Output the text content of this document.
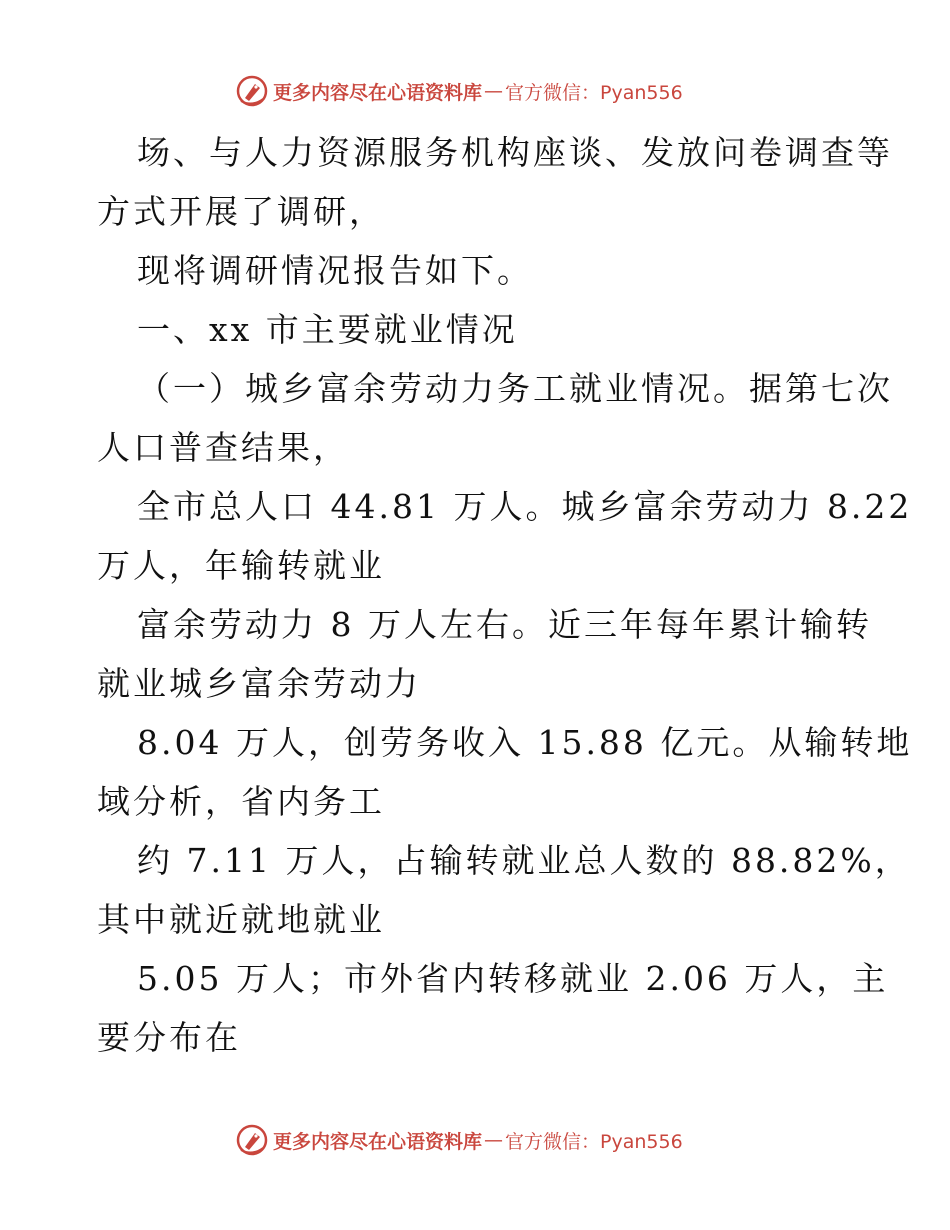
更多内容尽在心语资料库 — 官方微信：Pyan556
场、与人力资源服务机构座谈、发放问卷调查等
方式开展了调研，
现将调研情况报告如下。
一、xx 市主要就业情况
（一）城乡富余劳动力务工就业情况。据第七次
人口普查结果，
全市总人口 44.81 万人。城乡富余劳动力 8.22
万人，年输转就业
富余劳动力 8 万人左右。近三年每年累计输转
就业城乡富余劳动力
8.04 万人，创劳务收入 15.88 亿元。从输转地
域分析，省内务工
约 7.11 万人，占输转就业总人数的 88.82%，
其中就近就地就业
5.05 万人；市外省内转移就业 2.06 万人，主
要分布在
更多内容尽在心语资料库 — 官方微信：Pyan556
